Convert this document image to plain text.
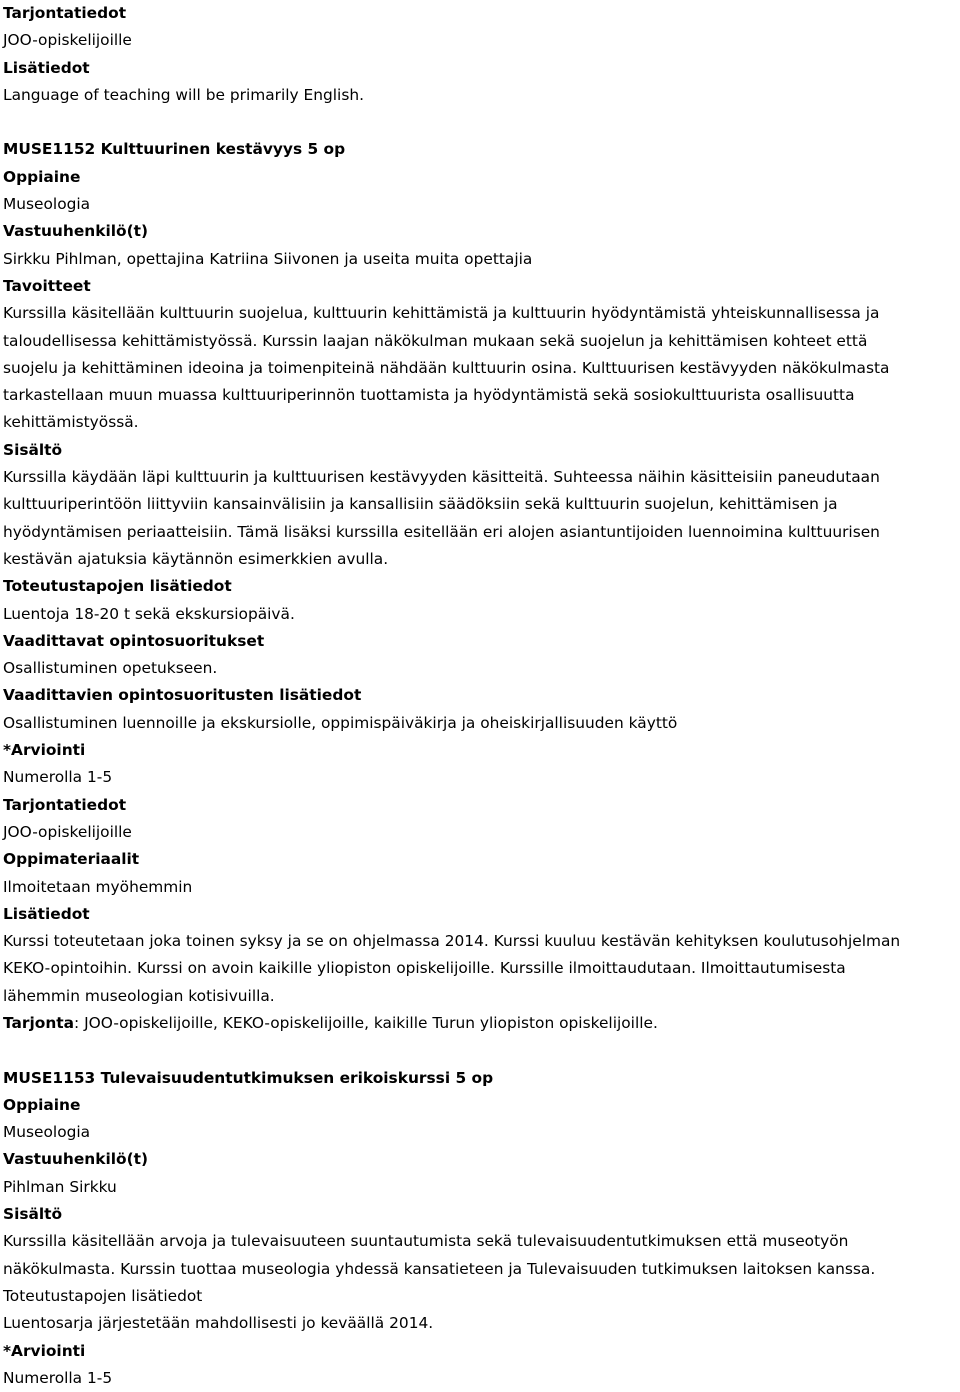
Tarjontatiedot
JOO-opiskelijoille
Lisätiedot
Language of teaching will be primarily English.
MUSE1152 Kulttuurinen kestävyys 5 op
Oppiaine
Museologia
Vastuuhenkilö(t)
Sirkku Pihlman, opettajina Katriina Siivonen ja useita muita opettajia
Tavoitteet
Kurssilla käsitellään kulttuurin suojelua, kulttuurin kehittämistä ja kulttuurin hyödyntämistä yhteiskunnallisessa ja
taloudellisessa kehittämistyössä. Kurssin laajan näkökulman mukaan sekä suojelun ja kehittämisen kohteet että
suojelu ja kehittäminen ideoina ja toimenpiteinä nähdään kulttuurin osina. Kulttuurisen kestävyyden näkökulmasta
tarkastellaan muun muassa kulttuuriperinnön tuottamista ja hyödyntämistä sekä sosiokulttuurista osallisuutta
kehittämistyössä.
Sisältö
Kurssilla käydään läpi kulttuurin ja kulttuurisen kestävyyden käsitteitä. Suhteessa näihin käsitteisiin paneudutaan
kulttuuriperintöön liittyviin kansainvälisiin ja kansallisiin säädöksiin sekä kulttuurin suojelun, kehittämisen ja
hyödyntämisen periaatteisiin. Tämä lisäksi kurssilla esitellään eri alojen asiantuntijoiden luennoimina kulttuurisen
kestävän ajatuksia käytännön esimerkkien avulla.
Toteutustapojen lisätiedot
Luentoja 18-20 t sekä ekskursiopäivä.
Vaadittavat opintosuoritukset
Osallistuminen opetukseen.
Vaadittavien opintosuoritusten lisätiedot
Osallistuminen luennoille ja ekskursiolle, oppimispäiväkirja ja oheiskirjallisuuden käyttö
*Arviointi
Numerolla 1-5
Tarjontatiedot
JOO-opiskelijoille
Oppimateriaalit
Ilmoitetaan myöhemmin
Lisätiedot
Kurssi toteutetaan joka toinen syksy ja se on ohjelmassa 2014. Kurssi kuuluu kestävän kehityksen koulutusohjelman
KEKO-opintoihin. Kurssi on avoin kaikille yliopiston opiskelijoille. Kurssille ilmoittaudutaan. Ilmoittautumisesta
lähemmin museologian kotisivuilla.
Tarjonta: JOO-opiskelijoille, KEKO-opiskelijoille, kaikille Turun yliopiston opiskelijoille.
MUSE1153 Tulevaisuudentutkimuksen erikoiskurssi 5 op
Oppiaine
Museologia
Vastuuhenkilö(t)
Pihlman Sirkku
Sisältö
Kurssilla käsitellään arvoja ja tulevaisuuteen suuntautumista sekä tulevaisuudentutkimuksen että museotyön
näkökulmasta. Kurssin tuottaa museologia yhdessä kansatieteen ja Tulevaisuuden tutkimuksen laitoksen kanssa.
Toteutustapojen lisätiedot
Luentosarja järjestetään mahdollisesti jo keväällä 2014.
*Arviointi
Numerolla 1-5
